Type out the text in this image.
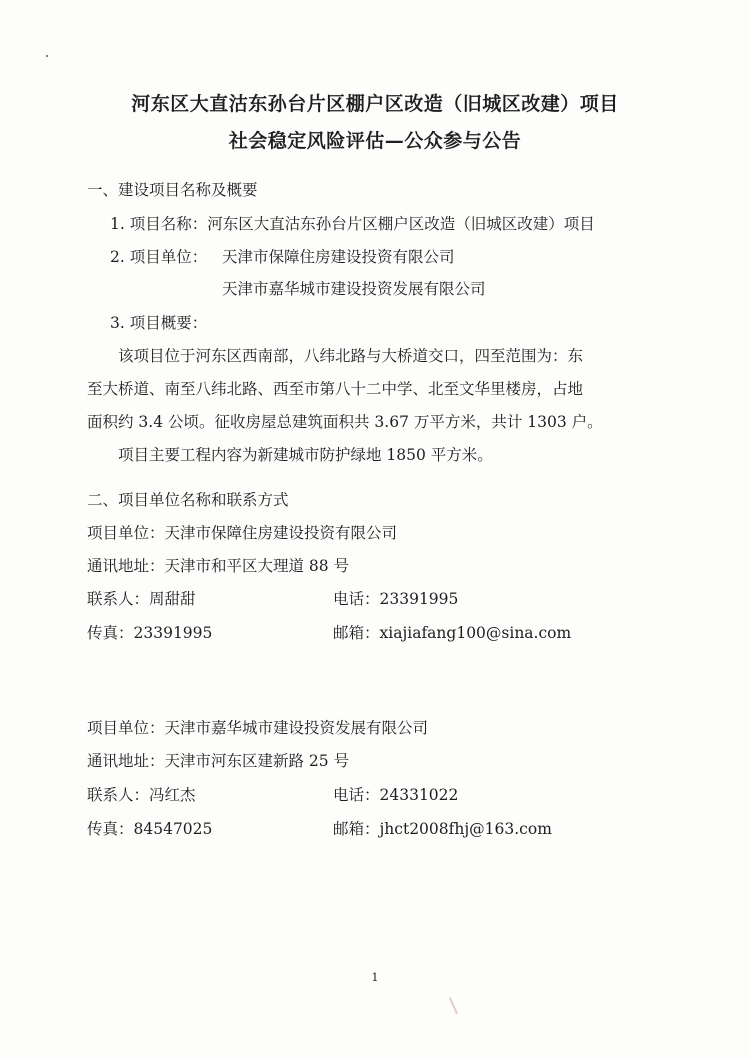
河东区大直沽东孙台片区棚户区改造（旧城区改建）项目
社会稳定风险评估—公众参与公告
一、建设项目名称及概要
1. 项目名称：河东区大直沽东孙台片区棚户区改造（旧城区改建）项目
2. 项目单位： 天津市保障住房建设投资有限公司
天津市嘉华城市建设投资发展有限公司
3. 项目概要：
该项目位于河东区西南部，八纬北路与大桥道交口，四至范围为：东
至大桥道、南至八纬北路、西至市第八十二中学、北至文华里楼房，占地
面积约 3.4 公顷。征收房屋总建筑面积共 3.67 万平方米，共计 1303 户。
项目主要工程内容为新建城市防护绿地 1850 平方米。
二、项目单位名称和联系方式
项目单位：天津市保障住房建设投资有限公司
通讯地址：天津市和平区大理道 88 号
联系人：周甜甜	电话：23391995
传真：23391995	邮箱：xiajiafang100@sina.com
项目单位：天津市嘉华城市建设投资发展有限公司
通讯地址：天津市河东区建新路 25 号
联系人：冯红杰	电话：24331022
传真：84547025	邮箱：jhct2008fhj@163.com
1
